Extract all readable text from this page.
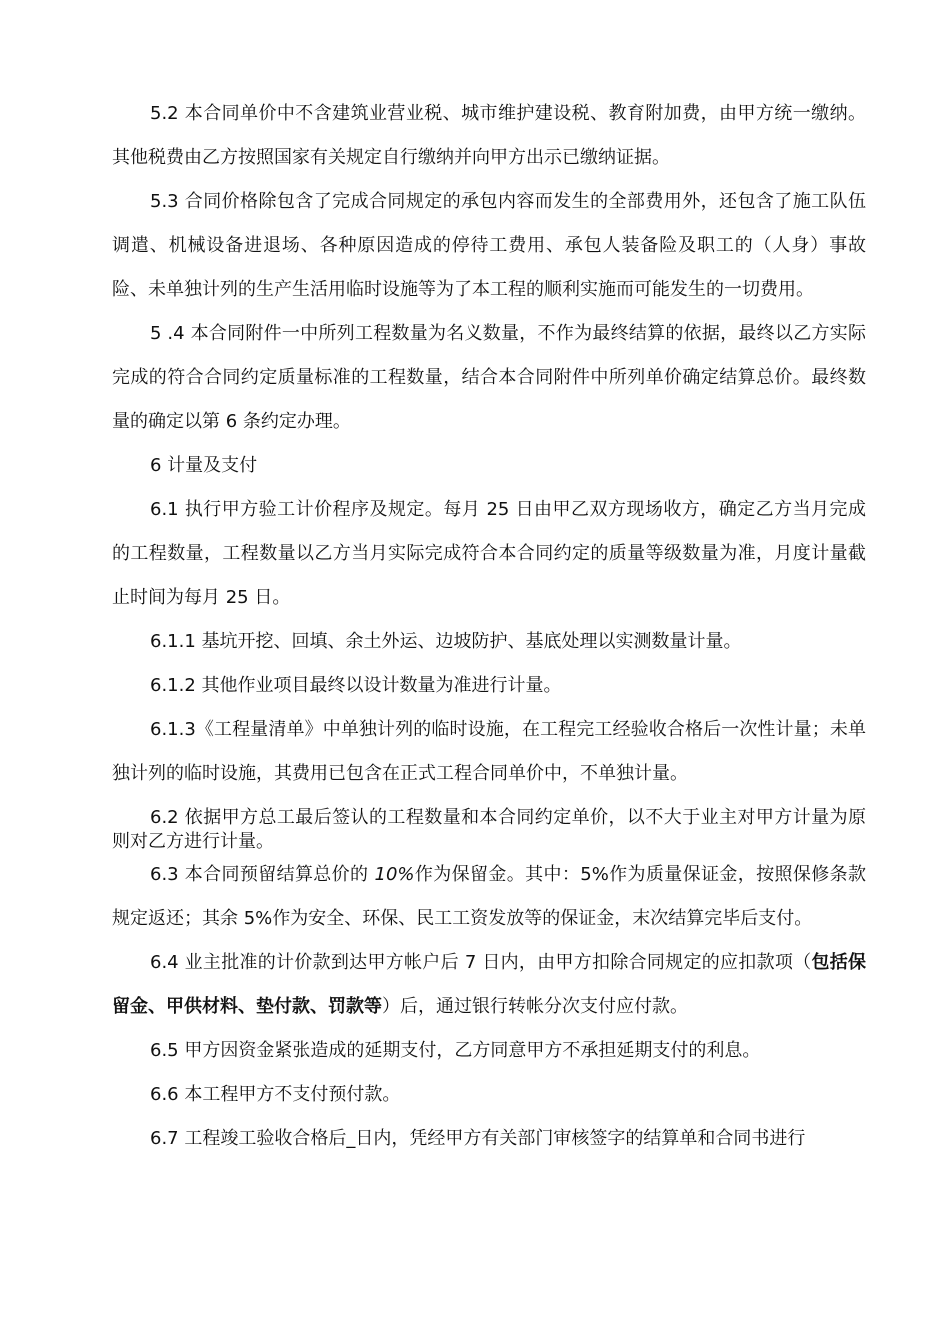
5.2 本合同单价中不含建筑业营业税、城市维护建设税、教育附加费，由甲方统一缴纳。其他税费由乙方按照国家有关规定自行缴纳并向甲方出示已缴纳证据。

5.3 合同价格除包含了完成合同规定的承包内容而发生的全部费用外，还包含了施工队伍调遣、机械设备进退场、各种原因造成的停待工费用、承包人装备险及职工的（人身）事故险、未单独计列的生产生活用临时设施等为了本工程的顺利实施而可能发生的一切费用。

5 .4 本合同附件一中所列工程数量为名义数量，不作为最终结算的依据，最终以乙方实际完成的符合合同约定质量标准的工程数量，结合本合同附件中所列单价确定结算总价。最终数量的确定以第 6 条约定办理。

6 计量及支付

6.1 执行甲方验工计价程序及规定。每月 25 日由甲乙双方现场收方，确定乙方当月完成的工程数量，工程数量以乙方当月实际完成符合本合同约定的质量等级数量为准，月度计量截止时间为每月 25 日。

6.1.1 基坑开挖、回填、余土外运、边坡防护、基底处理以实测数量计量。

6.1.2 其他作业项目最终以设计数量为准进行计量。

6.1.3《工程量清单》中单独计列的临时设施，在工程完工经验收合格后一次性计量；未单独计列的临时设施，其费用已包含在正式工程合同单价中，不单独计量。

6.2 依据甲方总工最后签认的工程数量和本合同约定单价，以不大于业主对甲方计量为原则对乙方进行计量。

6.3 本合同预留结算总价的 10%作为保留金。其中：5%作为质量保证金，按照保修条款规定返还；其余 5%作为安全、环保、民工工资发放等的保证金，末次结算完毕后支付。

6.4 业主批准的计价款到达甲方帐户后 7 日内，由甲方扣除合同规定的应扣款项（包括保留金、甲供材料、垫付款、罚款等）后，通过银行转帐分次支付应付款。

6.5 甲方因资金紧张造成的延期支付，乙方同意甲方不承担延期支付的利息。

6.6 本工程甲方不支付预付款。

6.7 工程竣工验收合格后_日内，凭经甲方有关部门审核签字的结算单和合同书进行
